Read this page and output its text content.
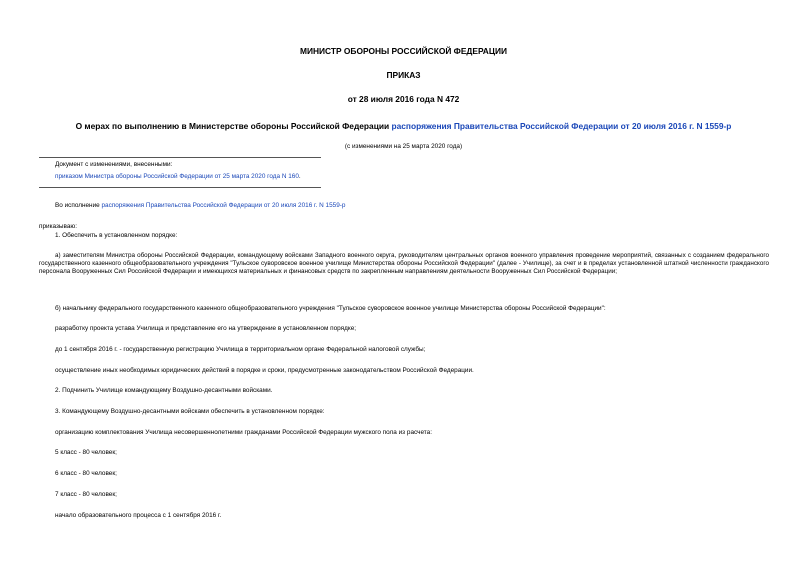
МИНИСТР ОБОРОНЫ РОССИЙСКОЙ ФЕДЕРАЦИИ
ПРИКАЗ
от 28 июля 2016 года N 472
О мерах по выполнению в Министерстве обороны Российской Федерации распоряжения Правительства Российской Федерации от 20 июля 2016 г. N 1559-р
(с изменениями на 25 марта 2020 года)
Документ с изменениями, внесенными:
приказом Министра обороны Российской Федерации от 25 марта 2020 года N 160.
Во исполнение распоряжения Правительства Российской Федерации от 20 июля 2016 г. N 1559-р
приказываю:
1. Обеспечить в установленном порядке:
а) заместителям Министра обороны Российской Федерации, командующему войсками Западного военного округа, руководителям центральных органов военного управления проведение мероприятий, связанных с созданием федерального государственного казенного общеобразовательного учреждения "Тульское суворовское военное училище Министерства обороны Российской Федерации" (далее - Училище), за счет и в пределах установленной штатной численности гражданского персонала Вооруженных Сил Российской Федерации и имеющихся материальных и финансовых средств по закрепленным направлениям деятельности Вооруженных Сил Российской Федерации;
б) начальнику федерального государственного казенного общеобразовательного учреждения "Тульское суворовское военное училище Министерства обороны Российской Федерации":
разработку проекта устава Училища и представление его на утверждение в установленном порядке;
до 1 сентября 2016 г. - государственную регистрацию Училища в территориальном органе Федеральной налоговой службы;
осуществление иных необходимых юридических действий в порядке и сроки, предусмотренные законодательством Российской Федерации.
2. Подчинить Училище командующему Воздушно-десантными войсками.
3. Командующему Воздушно-десантными войсками обеспечить в установленном порядке:
организацию комплектования Училища несовершеннолетними гражданами Российской Федерации мужского пола из расчета:
5 класс - 80 человек;
6 класс - 80 человек;
7 класс - 80 человек;
начало образовательного процесса с 1 сентября 2016 г.
